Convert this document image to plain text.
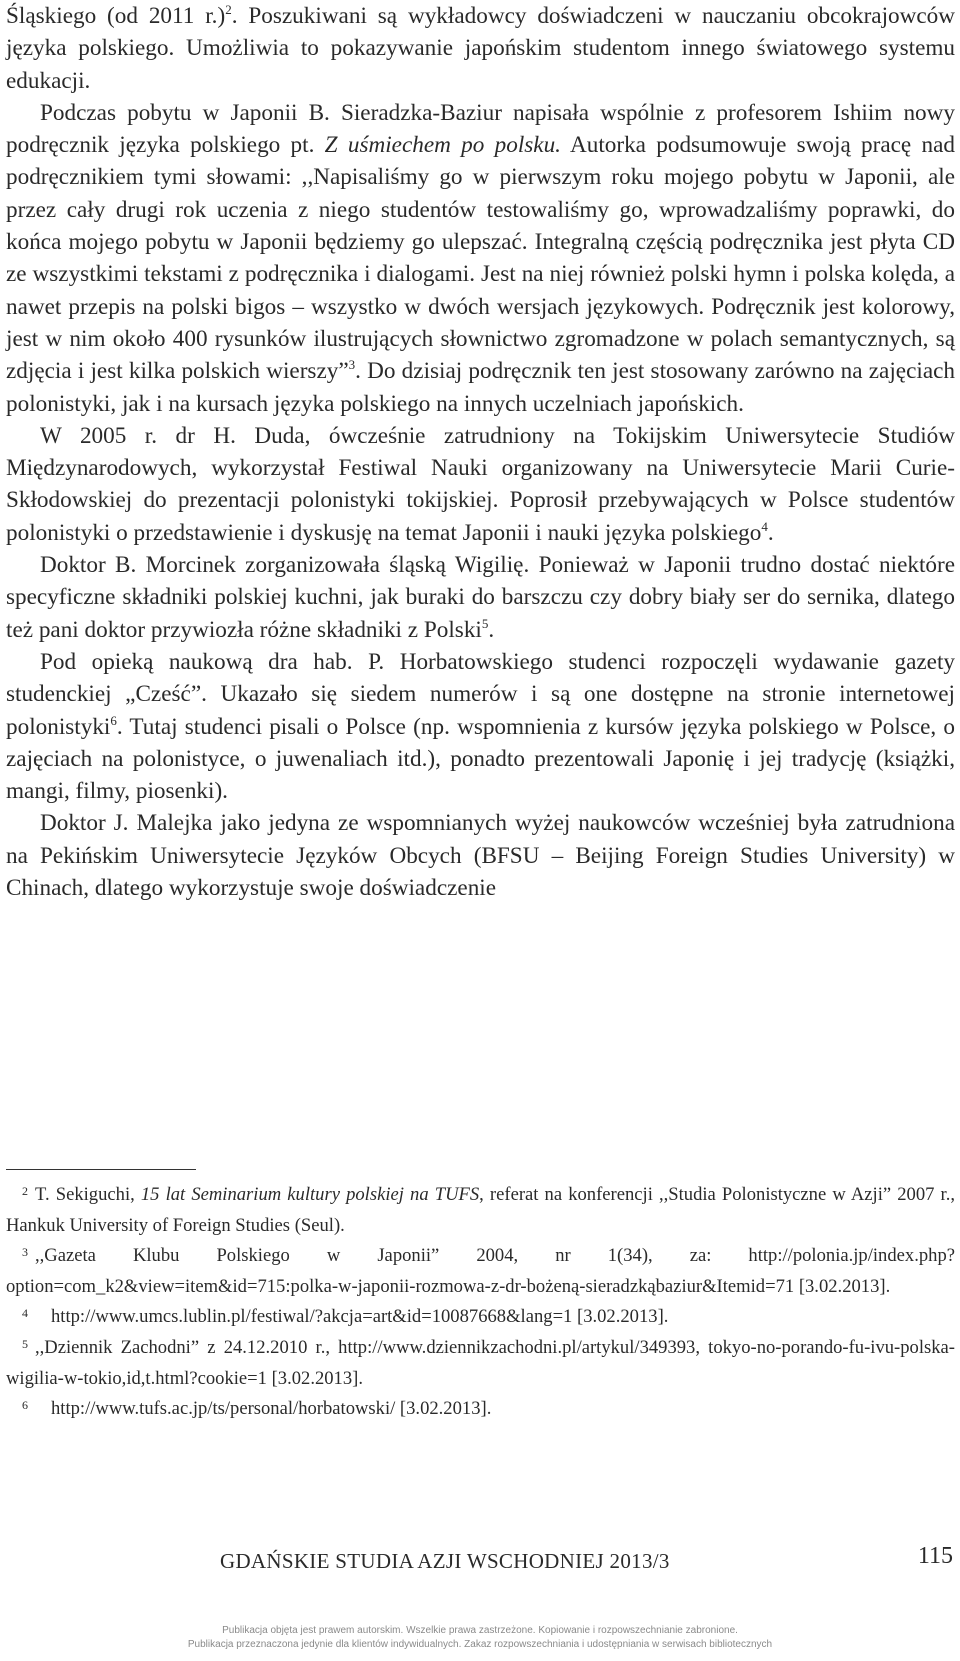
Śląskiego (od 2011 r.)$^2$. Poszukiwani są wykładowcy doświadczeni w nauczaniu obcokrajowców języka polskiego. Umożliwia to pokazywanie japońskim studentom innego światowego systemu edukacji.

Podczas pobytu w Japonii B. Sieradzka-Baziur napisała wspólnie z profesorem Ishiim nowy podręcznik języka polskiego pt. Z uśmiechem po polsku. Autorka podsumowuje swoją pracę nad podręcznikiem tymi słowami: ,,Napisaliśmy go w pierwszym roku mojego pobytu w Japonii, ale przez cały drugi rok uczenia z niego studentów testowaliśmy go, wprowadzaliśmy poprawki, do końca mojego pobytu w Japonii będziemy go ulepszać. Integralną częścią podręcznika jest płyta CD ze wszystkimi tekstami z podręcznika i dialogami. Jest na niej również polski hymn i polska kolęda, a nawet przepis na polski bigos – wszystko w dwóch wersjach językowych. Podręcznik jest kolorowy, jest w nim około 400 rysunków ilustrujących słownictwo zgromadzone w polach semantycznych, są zdjęcia i jest kilka polskich wierszy”$^3$. Do dzisiaj podręcznik ten jest stosowany zarówno na zajęciach polonistyki, jak i na kursach języka polskiego na innych uczelniach japońskich.

W 2005 r. dr H. Duda, ówcześnie zatrudniony na Tokijskim Uniwersytecie Studiów Międzynarodowych, wykorzystał Festiwal Nauki organizowany na Uniwersytecie Marii Curie-Skłodowskiej do prezentacji polonistyki tokijskiej. Poprosił przebywających w Polsce studentów polonistyki o przedstawienie i dyskusję na temat Japonii i nauki języka polskiego$^4$.

Doktor B. Morcinek zorganizowała śląską Wigilię. Ponieważ w Japonii trudno dostać niektóre specyficzne składniki polskiej kuchni, jak buraki do barszczu czy dobry biały ser do sernika, dlatego też pani doktor przywiozła różne składniki z Polski$^5$.

Pod opieką naukową dra hab. P. Horbatowskiego studenci rozpoczęli wydawanie gazety studenckiej „Cześć”. Ukazało się siedem numerów i są one dostępne na stronie internetowej polonistyki$^6$. Tutaj studenci pisali o Polsce (np. wspomnienia z kursów języka polskiego w Polsce, o zajęciach na polonistyce, o juwenaliach itd.), ponadto prezentowali Japonię i jej tradycję (książki, mangi, filmy, piosenki).

Doktor J. Malejka jako jedyna ze wspomnianych wyżej naukowców wcześniej była zatrudniona na Pekińskim Uniwersytecie Języków Obcych (BFSU – Beijing Foreign Studies University) w Chinach, dlatego wykorzystuje swoje doświadczenie

2 T. Sekiguchi, 15 lat Seminarium kultury polskiej na TUFS, referat na konferencji ,,Studia Polonistyczne w Azji” 2007 r., Hankuk University of Foreign Studies (Seul).

3 ,,Gazeta Klubu Polskiego w Japonii” 2004, nr 1(34), za: http://polonia.jp/index.php?option=com_k2&view=item&id=715:polka-w-japonii-rozmowa-z-dr-bożeną-sieradzkąbaziur&Itemid=71 [3.02.2013].

4 http://www.umcs.lublin.pl/festiwal/?akcja=art&id=10087668&lang=1 [3.02.2013].

5 ,,Dziennik Zachodni” z 24.12.2010 r., http://www.dziennikzachodni.pl/artykul/349393, tokyo-no-porando-fu-ivu-polska-wigilia-w-tokio,id,t.html?cookie=1 [3.02.2013].

6 http://www.tufs.ac.jp/ts/personal/horbatowski/ [3.02.2013].

GDAŃSKIE STUDIA AZJI WSCHODNIEJ 2013/3	115
Publikacja objęta jest prawem autorskim. Wszelkie prawa zastrzeżone. Kopiowanie i rozpowszechnianie zabronione.
Publikacja przeznaczona jedynie dla klientów indywidualnych. Zakaz rozpowszechniania i udostępniania w serwisach bibliotecznych
